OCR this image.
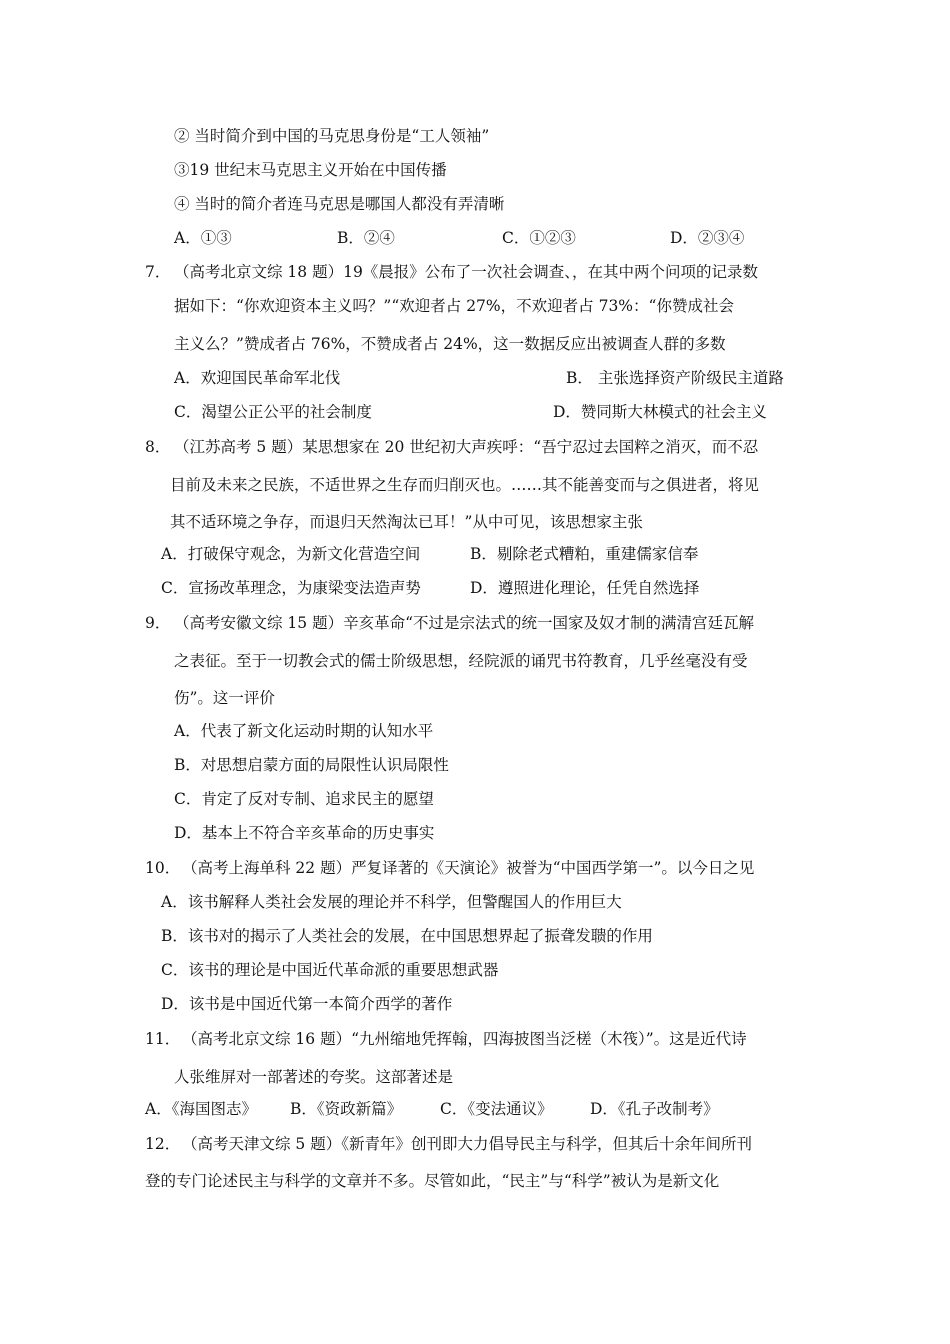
② 当时简介到中国的马克思身份是“工人领袖”
③19 世纪末马克思主义开始在中国传播
④ 当时的简介者连马克思是哪国人都没有弄清晰
A．①③	B．②④	C．①②③	D．②③④
7． （高考北京文综 18 题）19《晨报》公布了一次社会调查、，在其中两个问项的记录数
据如下：“你欢迎资本主义吗？”“欢迎者占 27%，不欢迎者占 73%：“你赞成社会
主义么？”赞成者占 76%，不赞成者占 24%，这一数据反应出被调查人群的多数
A．欢迎国民革命军北伐	B． 主张选择资产阶级民主道路
C．渴望公正公平的社会制度	D．赞同斯大林模式的社会主义
8． （江苏高考 5 题）某思想家在 20 世纪初大声疾呼：“吾宁忍过去国粹之消灭，而不忍
目前及未来之民族，不适世界之生存而归削灭也。……其不能善变而与之俱进者，将见
其不适环境之争存，而退归天然淘汰已耳！”从中可见，该思想家主张
A．打破保守观念，为新文化营造空间	B．剔除老式糟粕，重建儒家信奉
C．宣扬改革理念，为康梁变法造声势	D．遵照进化理论，任凭自然选择
9． （高考安徽文综 15 题）辛亥革命“不过是宗法式的统一国家及奴才制的满清宫廷瓦解
之表征。至于一切教会式的儒士阶级思想，经院派的诵咒书符教育，几乎丝毫没有受
伤”。这一评价
A．代表了新文化运动时期的认知水平
B．对思想启蒙方面的局限性认识局限性
C．肯定了反对专制、追求民主的愿望
D．基本上不符合辛亥革命的历史事实
10． （高考上海单科 22 题）严复译著的《天演论》被誉为“中国西学第一”。以今日之见
A．该书解释人类社会发展的理论并不科学，但警醒国人的作用巨大
B．该书对的揭示了人类社会的发展，在中国思想界起了振聋发聩的作用
C．该书的理论是中国近代革命派的重要思想武器
D．该书是中国近代第一本简介西学的著作
11． （高考北京文综 16 题）“九州缩地凭挥翰，四海披图当泛槎（木筏）”。这是近代诗
人张维屏对一部著述的夸奖。这部著述是
A．《海国图志》 B．《资政新篇》 C．《变法通议》 D．《孔子改制考》
12． （高考天津文综 5 题）《新青年》创刊即大力倡导民主与科学，但其后十余年间所刊
登的专门论述民主与科学的文章并不多。尽管如此，“民主”与“科学”被认为是新文化
